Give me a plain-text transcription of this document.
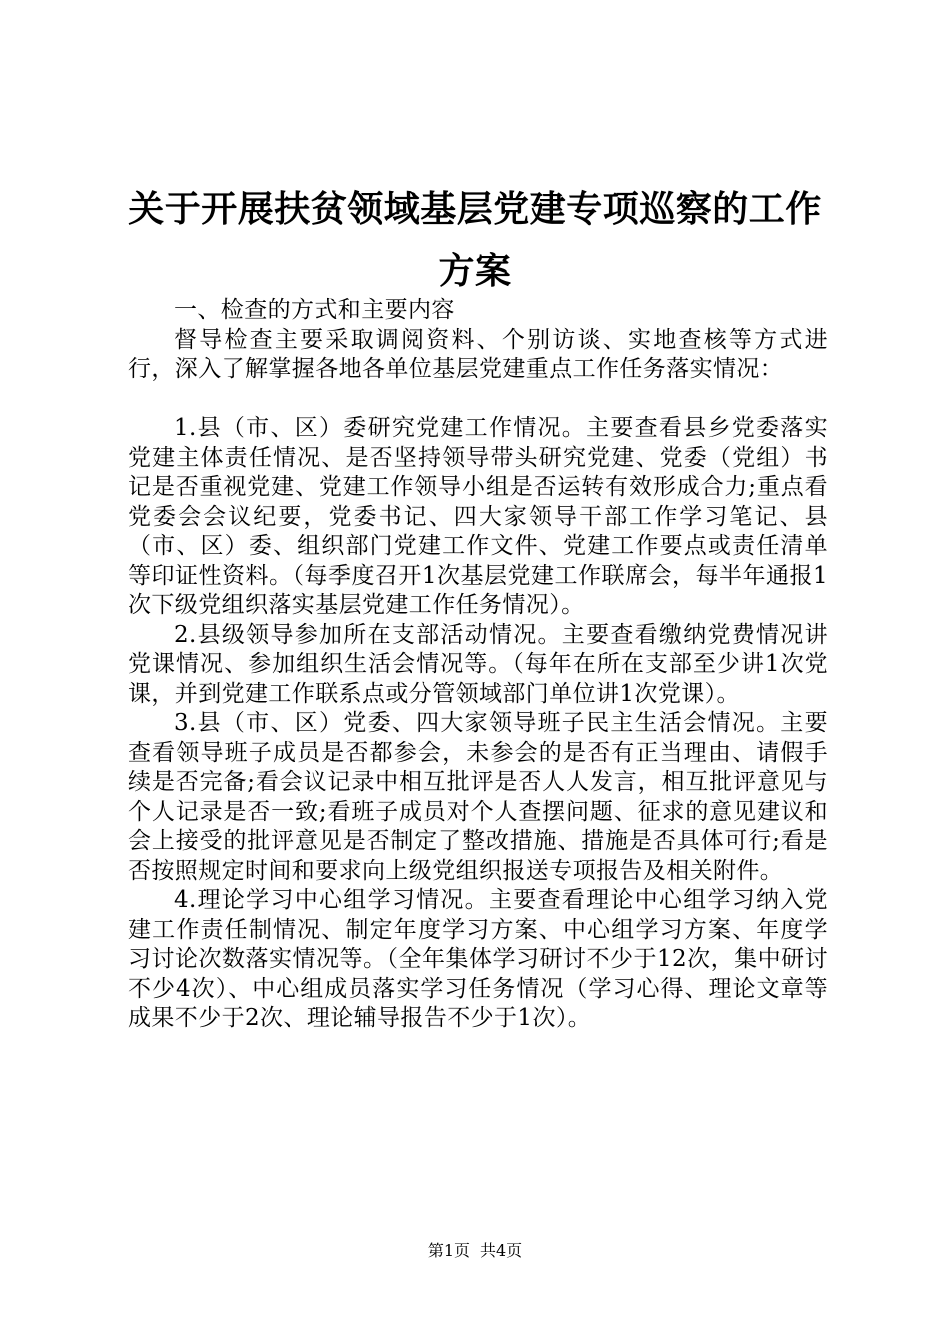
关于开展扶贫领域基层党建专项巡察的工作方案

一、检查的方式和主要内容

督导检查主要采取调阅资料、个别访谈、实地查核等方式进行，深入了解掌握各地各单位基层党建重点工作任务落实情况：

1.县（市、区）委研究党建工作情况。主要查看县乡党委落实党建主体责任情况、是否坚持领导带头研究党建、党委（党组）书记是否重视党建、党建工作领导小组是否运转有效形成合力;重点看党委会会议纪要，党委书记、四大家领导干部工作学习笔记、县（市、区）委、组织部门党建工作文件、党建工作要点或责任清单等印证性资料。（每季度召开1次基层党建工作联席会，每半年通报1次下级党组织落实基层党建工作任务情况）。

2.县级领导参加所在支部活动情况。主要查看缴纳党费情况讲党课情况、参加组织生活会情况等。（每年在所在支部至少讲1次党课，并到党建工作联系点或分管领域部门单位讲1次党课）。

3.县（市、区）党委、四大家领导班子民主生活会情况。主要查看领导班子成员是否都参会，未参会的是否有正当理由、请假手续是否完备;看会议记录中相互批评是否人人发言，相互批评意见与个人记录是否一致;看班子成员对个人查摆问题、征求的意见建议和会上接受的批评意见是否制定了整改措施、措施是否具体可行;看是否按照规定时间和要求向上级党组织报送专项报告及相关附件。

4.理论学习中心组学习情况。主要查看理论中心组学习纳入党建工作责任制情况、制定年度学习方案、中心组学习方案、年度学习讨论次数落实情况等。（全年集体学习研讨不少于12次，集中研讨不少4次）、中心组成员落实学习任务情况（学习心得、理论文章等成果不少于2次、理论辅导报告不少于1次）。

第1页 共4页
